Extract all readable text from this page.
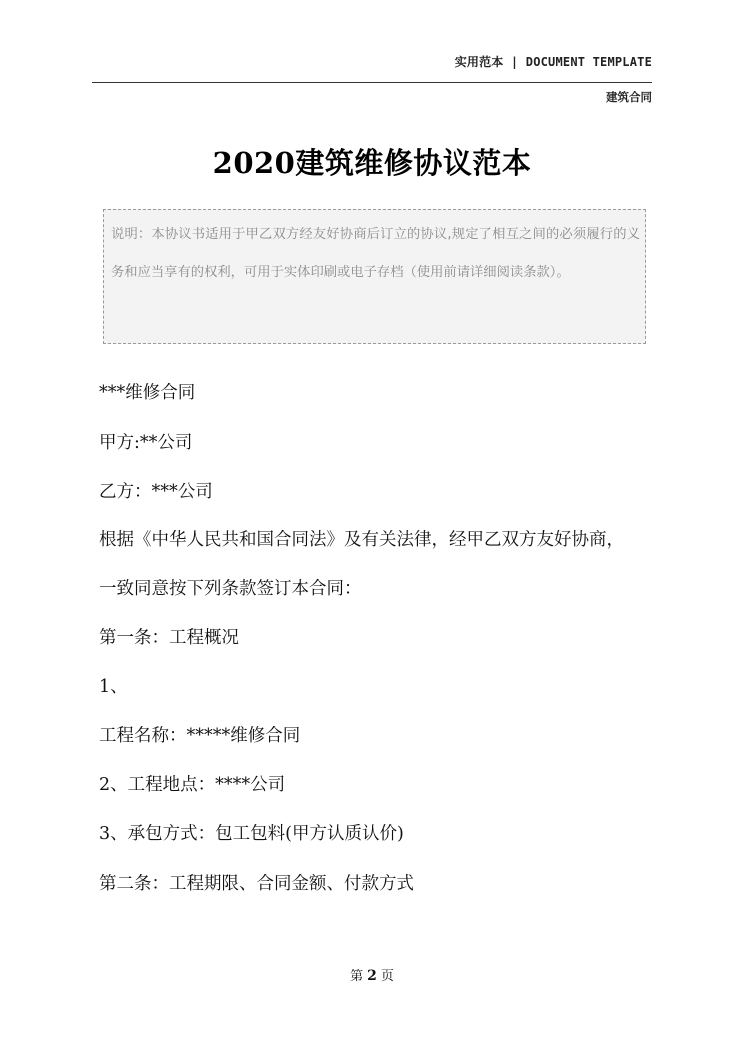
实用范本 | DOCUMENT TEMPLATE
建筑合同
2020建筑维修协议范本
说明：本协议书适用于甲乙双方经友好协商后订立的协议,规定了相互之间的必须履行的义务和应当享有的权利，可用于实体印刷或电子存档（使用前请详细阅读条款）。
***维修合同
甲方:**公司
乙方：***公司
根据《中华人民共和国合同法》及有关法律，经甲乙双方友好协商，
一致同意按下列条款签订本合同：
第一条：工程概况
1、
工程名称：*****维修合同
2、工程地点：****公司
3、承包方式：包工包料(甲方认质认价)
第二条：工程期限、合同金额、付款方式
第 2 页
